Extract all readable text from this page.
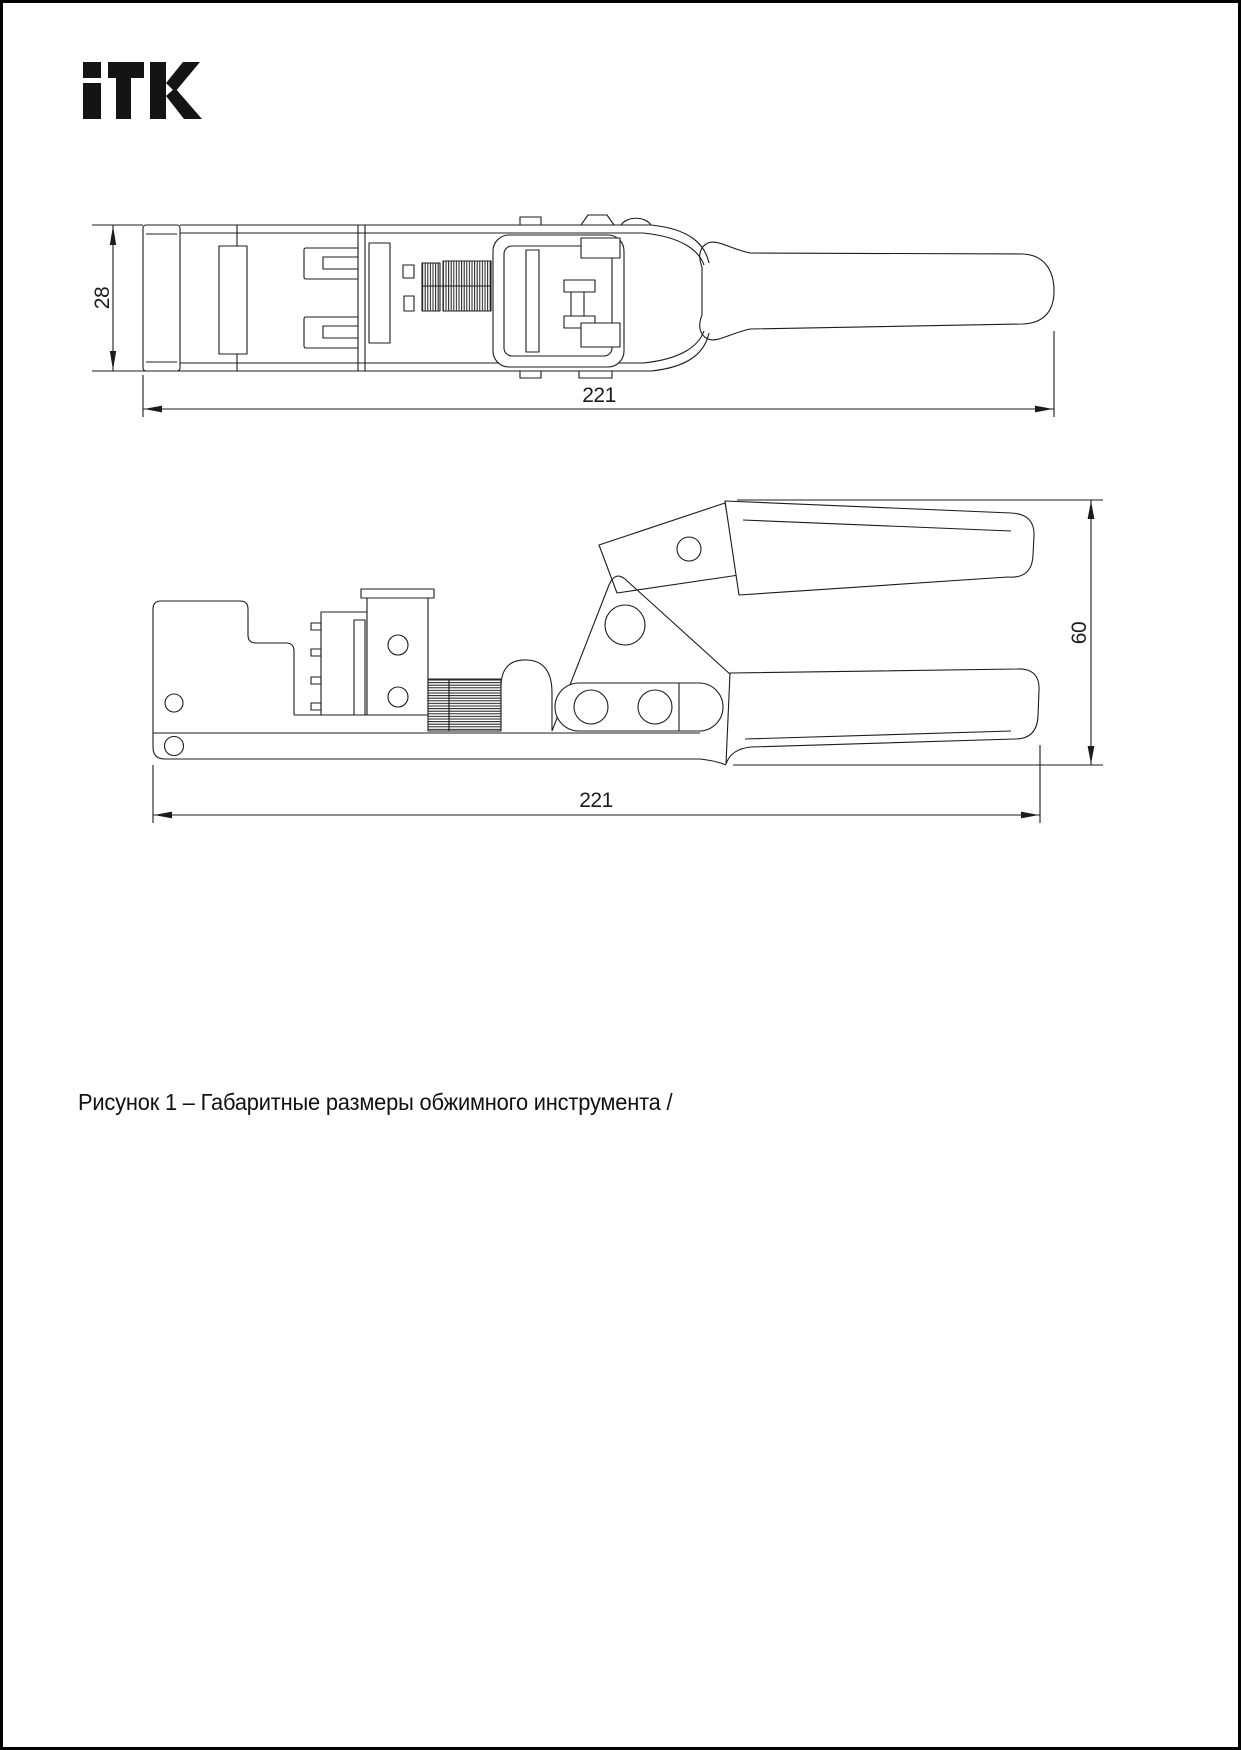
28
221
60
221
Рисунок 1 – Габаритные размеры обжимного инструмента /
